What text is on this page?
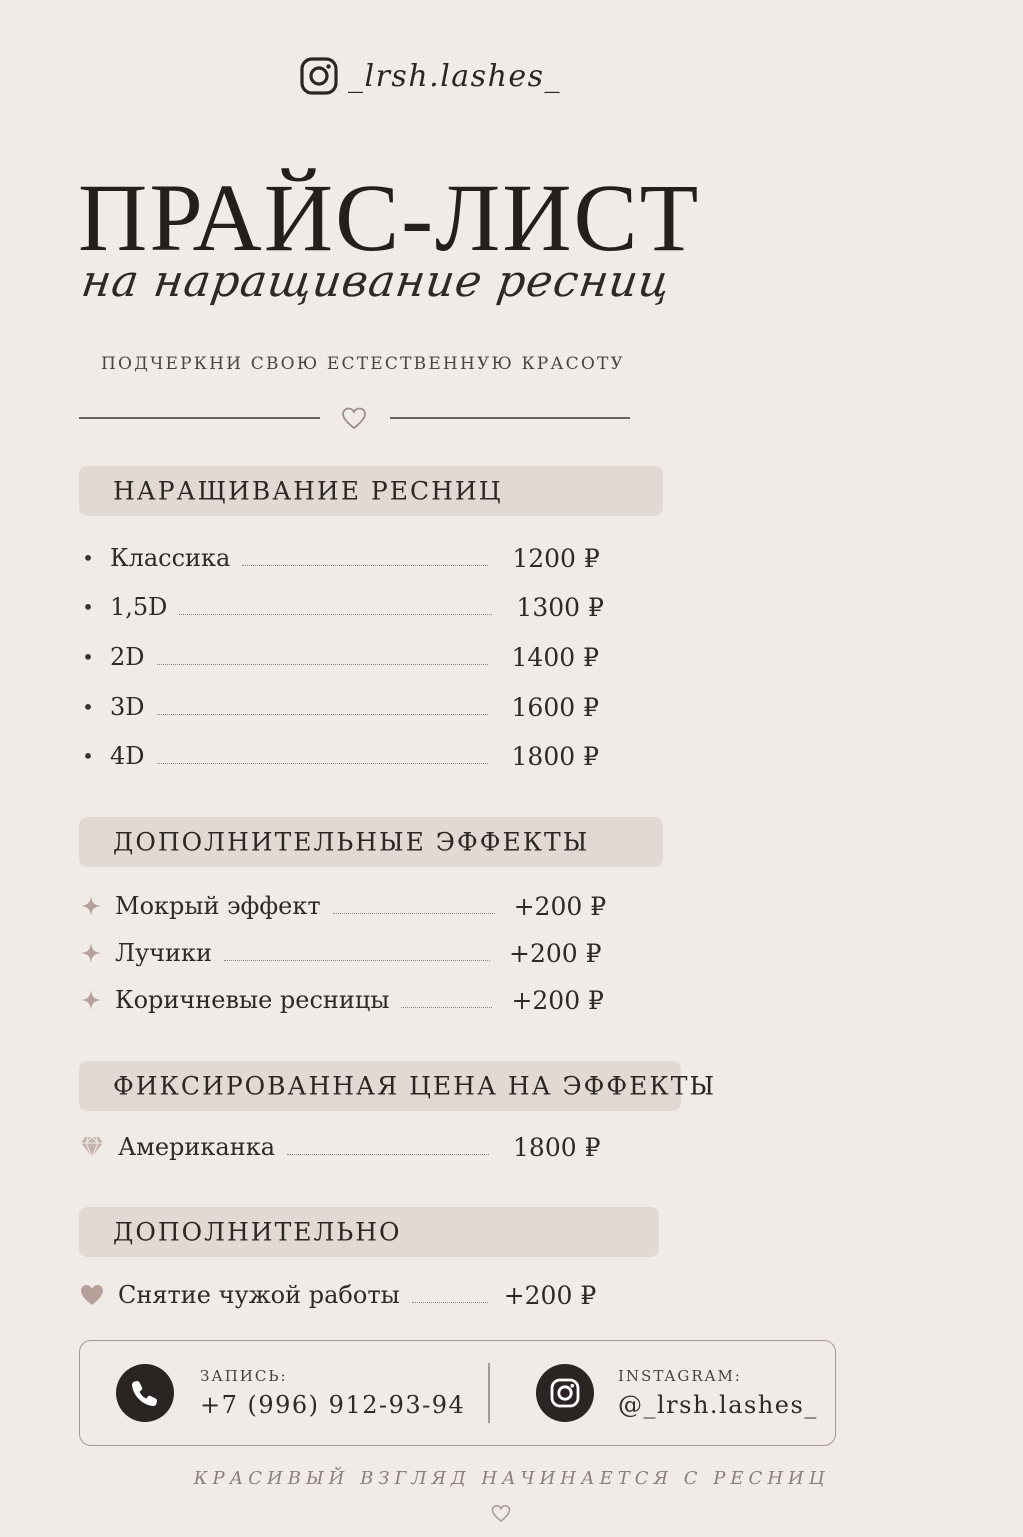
_lrsh.lashes_
ПРАЙС-ЛИСТ
на наращивание ресниц
ПОДЧЕРКНИ СВОЮ ЕСТЕСТВЕННУЮ КРАСОТУ
НАРАЩИВАНИЕ РЕСНИЦ
• Классика	1200 ₽
• 1,5D	1300 ₽
• 2D	1400 ₽
• 3D	1600 ₽
• 4D	1800 ₽
ДОПОЛНИТЕЛЬНЫЕ ЭФФЕКТЫ
Мокрый эффект	+200 ₽
Лучики	+200 ₽
Коричневые ресницы	+200 ₽
ФИКСИРОВАННАЯ ЦЕНА НА ЭФФЕКТЫ
Американка	1800 ₽
ДОПОЛНИТЕЛЬНО
Снятие чужой работы	+200 ₽
ЗАПИСЬ:
+7 (996) 912-93-94
INSTAGRAM:
@_lrsh.lashes_
КРАСИВЫЙ ВЗГЛЯД НАЧИНАЕТСЯ С РЕСНИЦ
